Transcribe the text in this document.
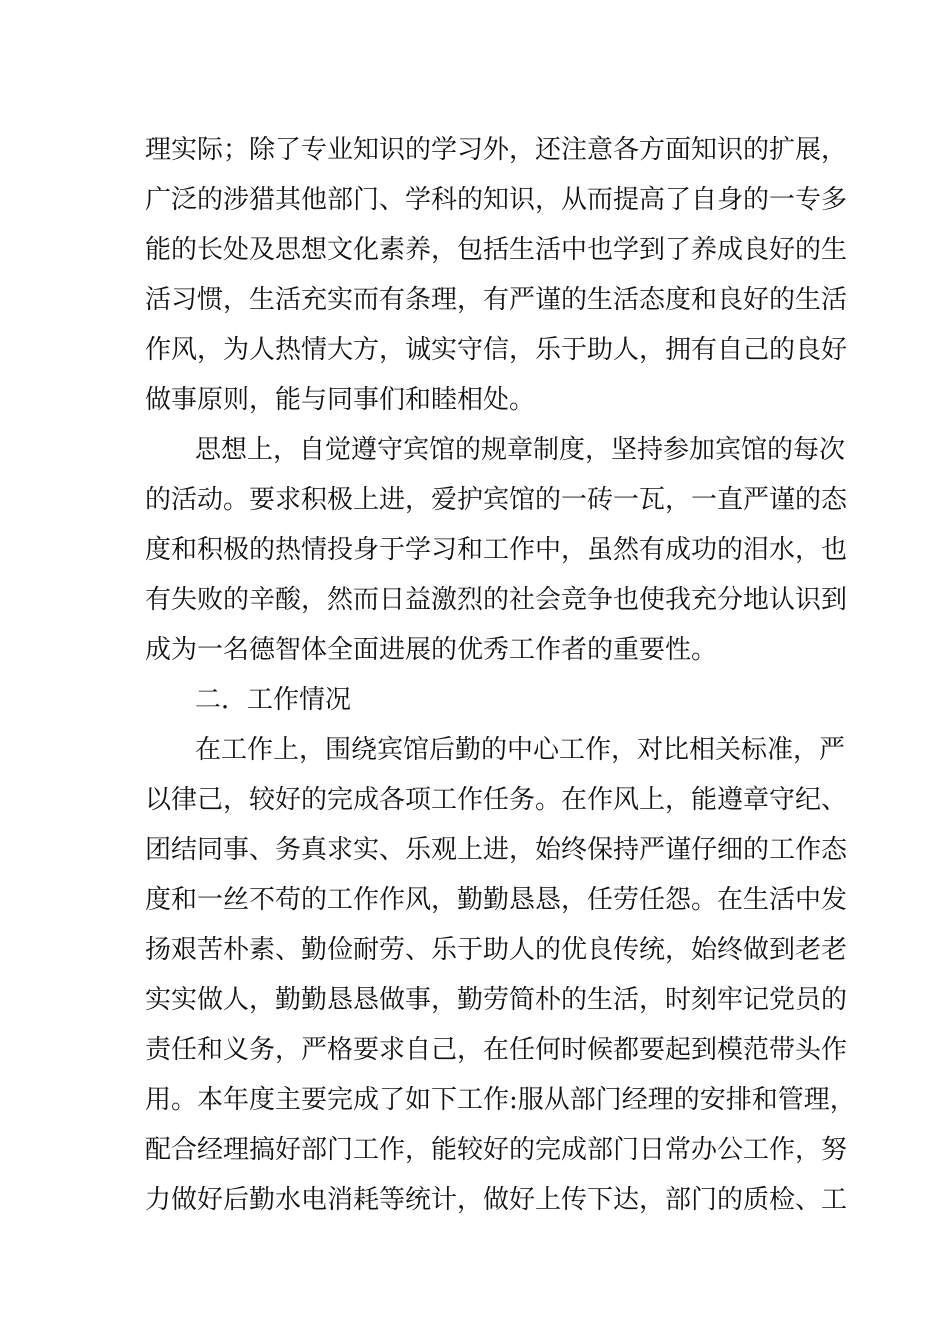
理实际；除了专业知识的学习外，还注意各方面知识的扩展，
广泛的涉猎其他部门、学科的知识，从而提高了自身的一专多
能的长处及思想文化素养，包括生活中也学到了养成良好的生
活习惯，生活充实而有条理，有严谨的生活态度和良好的生活
作风，为人热情大方，诚实守信，乐于助人，拥有自己的良好
做事原则，能与同事们和睦相处。
思想上，自觉遵守宾馆的规章制度，坚持参加宾馆的每次
的活动。要求积极上进，爱护宾馆的一砖一瓦，一直严谨的态
度和积极的热情投身于学习和工作中，虽然有成功的泪水，也
有失败的辛酸，然而日益激烈的社会竞争也使我充分地认识到
成为一名德智体全面进展的优秀工作者的重要性。
二．工作情况
在工作上，围绕宾馆后勤的中心工作，对比相关标准，严
以律己，较好的完成各项工作任务。在作风上，能遵章守纪、
团结同事、务真求实、乐观上进，始终保持严谨仔细的工作态
度和一丝不苟的工作作风，勤勤恳恳，任劳任怨。在生活中发
扬艰苦朴素、勤俭耐劳、乐于助人的优良传统，始终做到老老
实实做人，勤勤恳恳做事，勤劳简朴的生活，时刻牢记党员的
责任和义务，严格要求自己，在任何时候都要起到模范带头作
用。本年度主要完成了如下工作:服从部门经理的安排和管理，
配合经理搞好部门工作，能较好的完成部门日常办公工作，努
力做好后勤水电消耗等统计，做好上传下达，部门的质检、工
